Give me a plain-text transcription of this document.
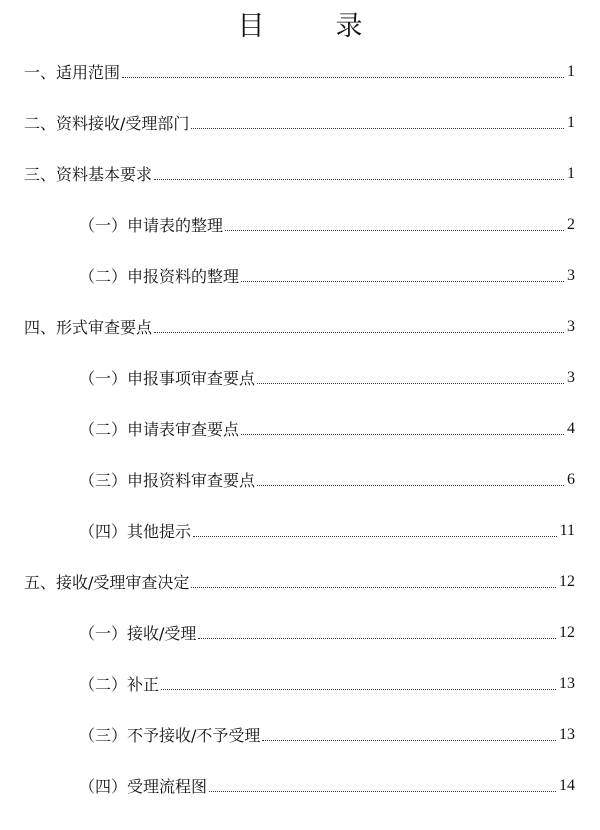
目　录
一、适用范围	1
二、资料接收/受理部门	1
三、资料基本要求	1
（一）申请表的整理	2
（二）申报资料的整理	3
四、形式审查要点	3
（一）申报事项审查要点	3
（二）申请表审查要点	4
（三）申报资料审查要点	6
（四）其他提示	11
五、接收/受理审查决定	12
（一）接收/受理	12
（二）补正	13
（三）不予接收/不予受理	13
（四）受理流程图	14
